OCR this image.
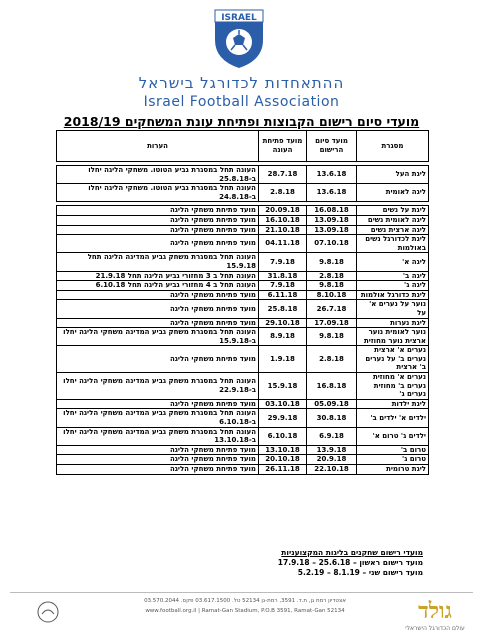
ISRAEL
ההתאחדות לכדורגל בישראל
Israel Football Association
מועדי סיום רישום הקבוצות ופתיחת עונת המשחקים 2018/19
מסגרת	מועד סיום הרישום	מועד פתיחת העונה	הערות

ליגת העל	13.6.18	28.7.18	העונה תחל במסגרת גביע הטוטו. משחקי הליגה יחלו ב-25.8.18
ליגה לאומית	13.6.18	2.8.18	העונה תחל במסגרת גביע הטוטו. משחקי הליגה יחלו ב-24.8.18

ליגת על נשים	16.08.18	20.09.18	מועד פתיחת משחקי הליגה
ליגה לאומית נשים	13.09.18	16.10.18	מועד פתיחת משחקי הליגה
ליגה ארצית נשים	13.09.18	21.10.18	מועד פתיחת משחקי הליגה
ליגת לכדורגל נשים באולמות	07.10.18	04.11.18	מועד פתיחת משחקי הליגה
ליגה א'	9.8.18	7.9.18	העונה תחל במסגרת משחק גביע המדינה הליגה תחל 15.9.18
ליגה ב'	2.8.18	31.8.18	העונה תחל ב 3 מחזורי גביע הליגה תחל 21.9.18
ליגה ג'	9.8.18	7.9.18	העונה תחל ב 4 מחזורי גביע הליגה תחל 6.10.18
ליגת כדורגל אולמות	8.10.18	6.11.18	מועד פתיחת משחקי הליגה
נוער על נערים א' על	26.7.18	25.8.18	מועד פתיחת משחקי הליגה
ליגת נערות	17.09.18	29.10.18	מועד פתיחת משחקי הליגה
נוער לאומית נוער ארצית נוער מחוזית	9.8.18	8.9.18	העונה תחל במסגרת משחק גביע המדינה משחקי הליגה יחלו ב-15.9.18
נערים א' ארצית נערים ב' על נערים ב' ארצית	2.8.18	1.9.18	מועד פתיחת משחקי הליגה
נערים א' מחוזית נערים ב' מחוזית נערים ג'	16.8.18	15.9.18	העונה תחל במסגרת משחק גביע המדינה משחקי הליגה יחלו ב-22.9.18
ליגת ילדות	05.09.18	03.10.18	מועד פתיחת משחקי הליגה
ילדים א' ילדים ב'	30.8.18	29.9.18	העונה תחל במסגרת משחק גביע המדינה משחקי הליגה יחלו ב-6.10.18
ילדים ג' טרום א'	6.9.18	6.10.18	העונה תחל במסגרת משחק גביע המדינה משחקי הליגה יחלו ב-13.10.18
טרום ב'	13.9.18	13.10.18	מועד פתיחת משחקי הליגה
טרום ג'	20.9.18	20.10.18	מועד פתיחת משחקי הליגה
ליגת טרומית	22.10.18	26.11.18	מועד פתיחת משחקי הליגה
מועדי רישום שחקנים בליגות המקצועניות
מועד רישום ראשון – 25.6.18 – 17.9.18
מועד רישום שני – 8.1.19 – 5.2.19
אצטדיון רמת גן, ת.ד. 3591, רמת-גן 52134 טל. 03.617.1500 פקס. 03.570.2044
www.football.org.il | Ramat-Gan Stadium, P.O.B 3591, Ramat-Gan 52134	גולד
עולם הכדורגל הישראלי
